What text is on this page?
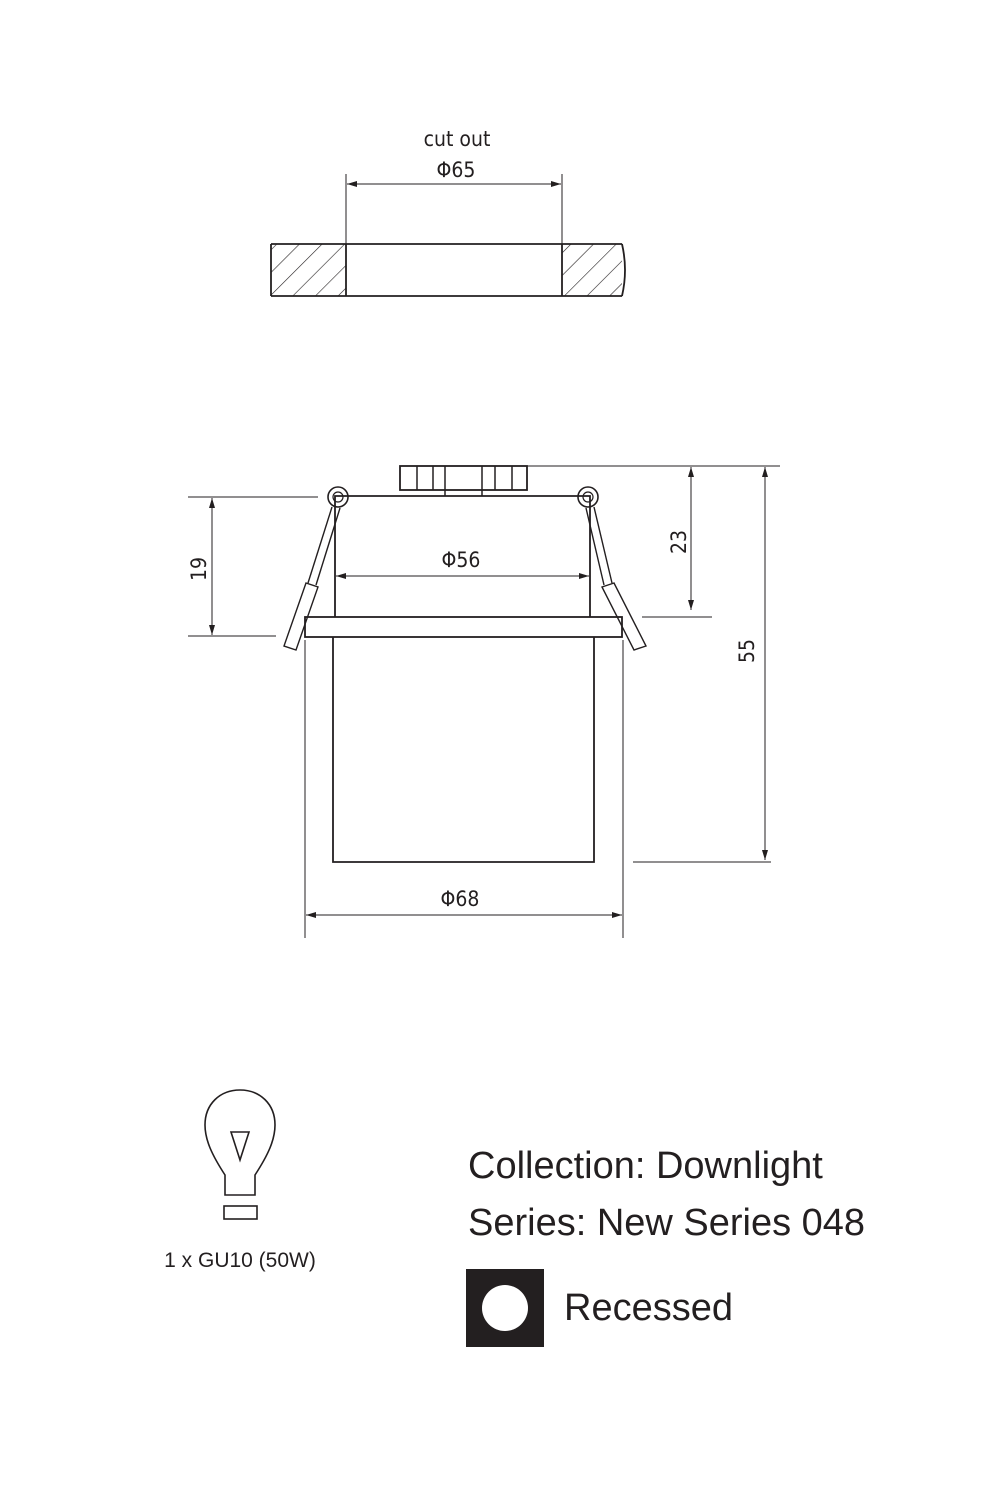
cut out
Φ65
Φ56
Φ68
19
23
55
1 x GU10 (50W)
Collection: Downlight
Series: New Series 048
Recessed
